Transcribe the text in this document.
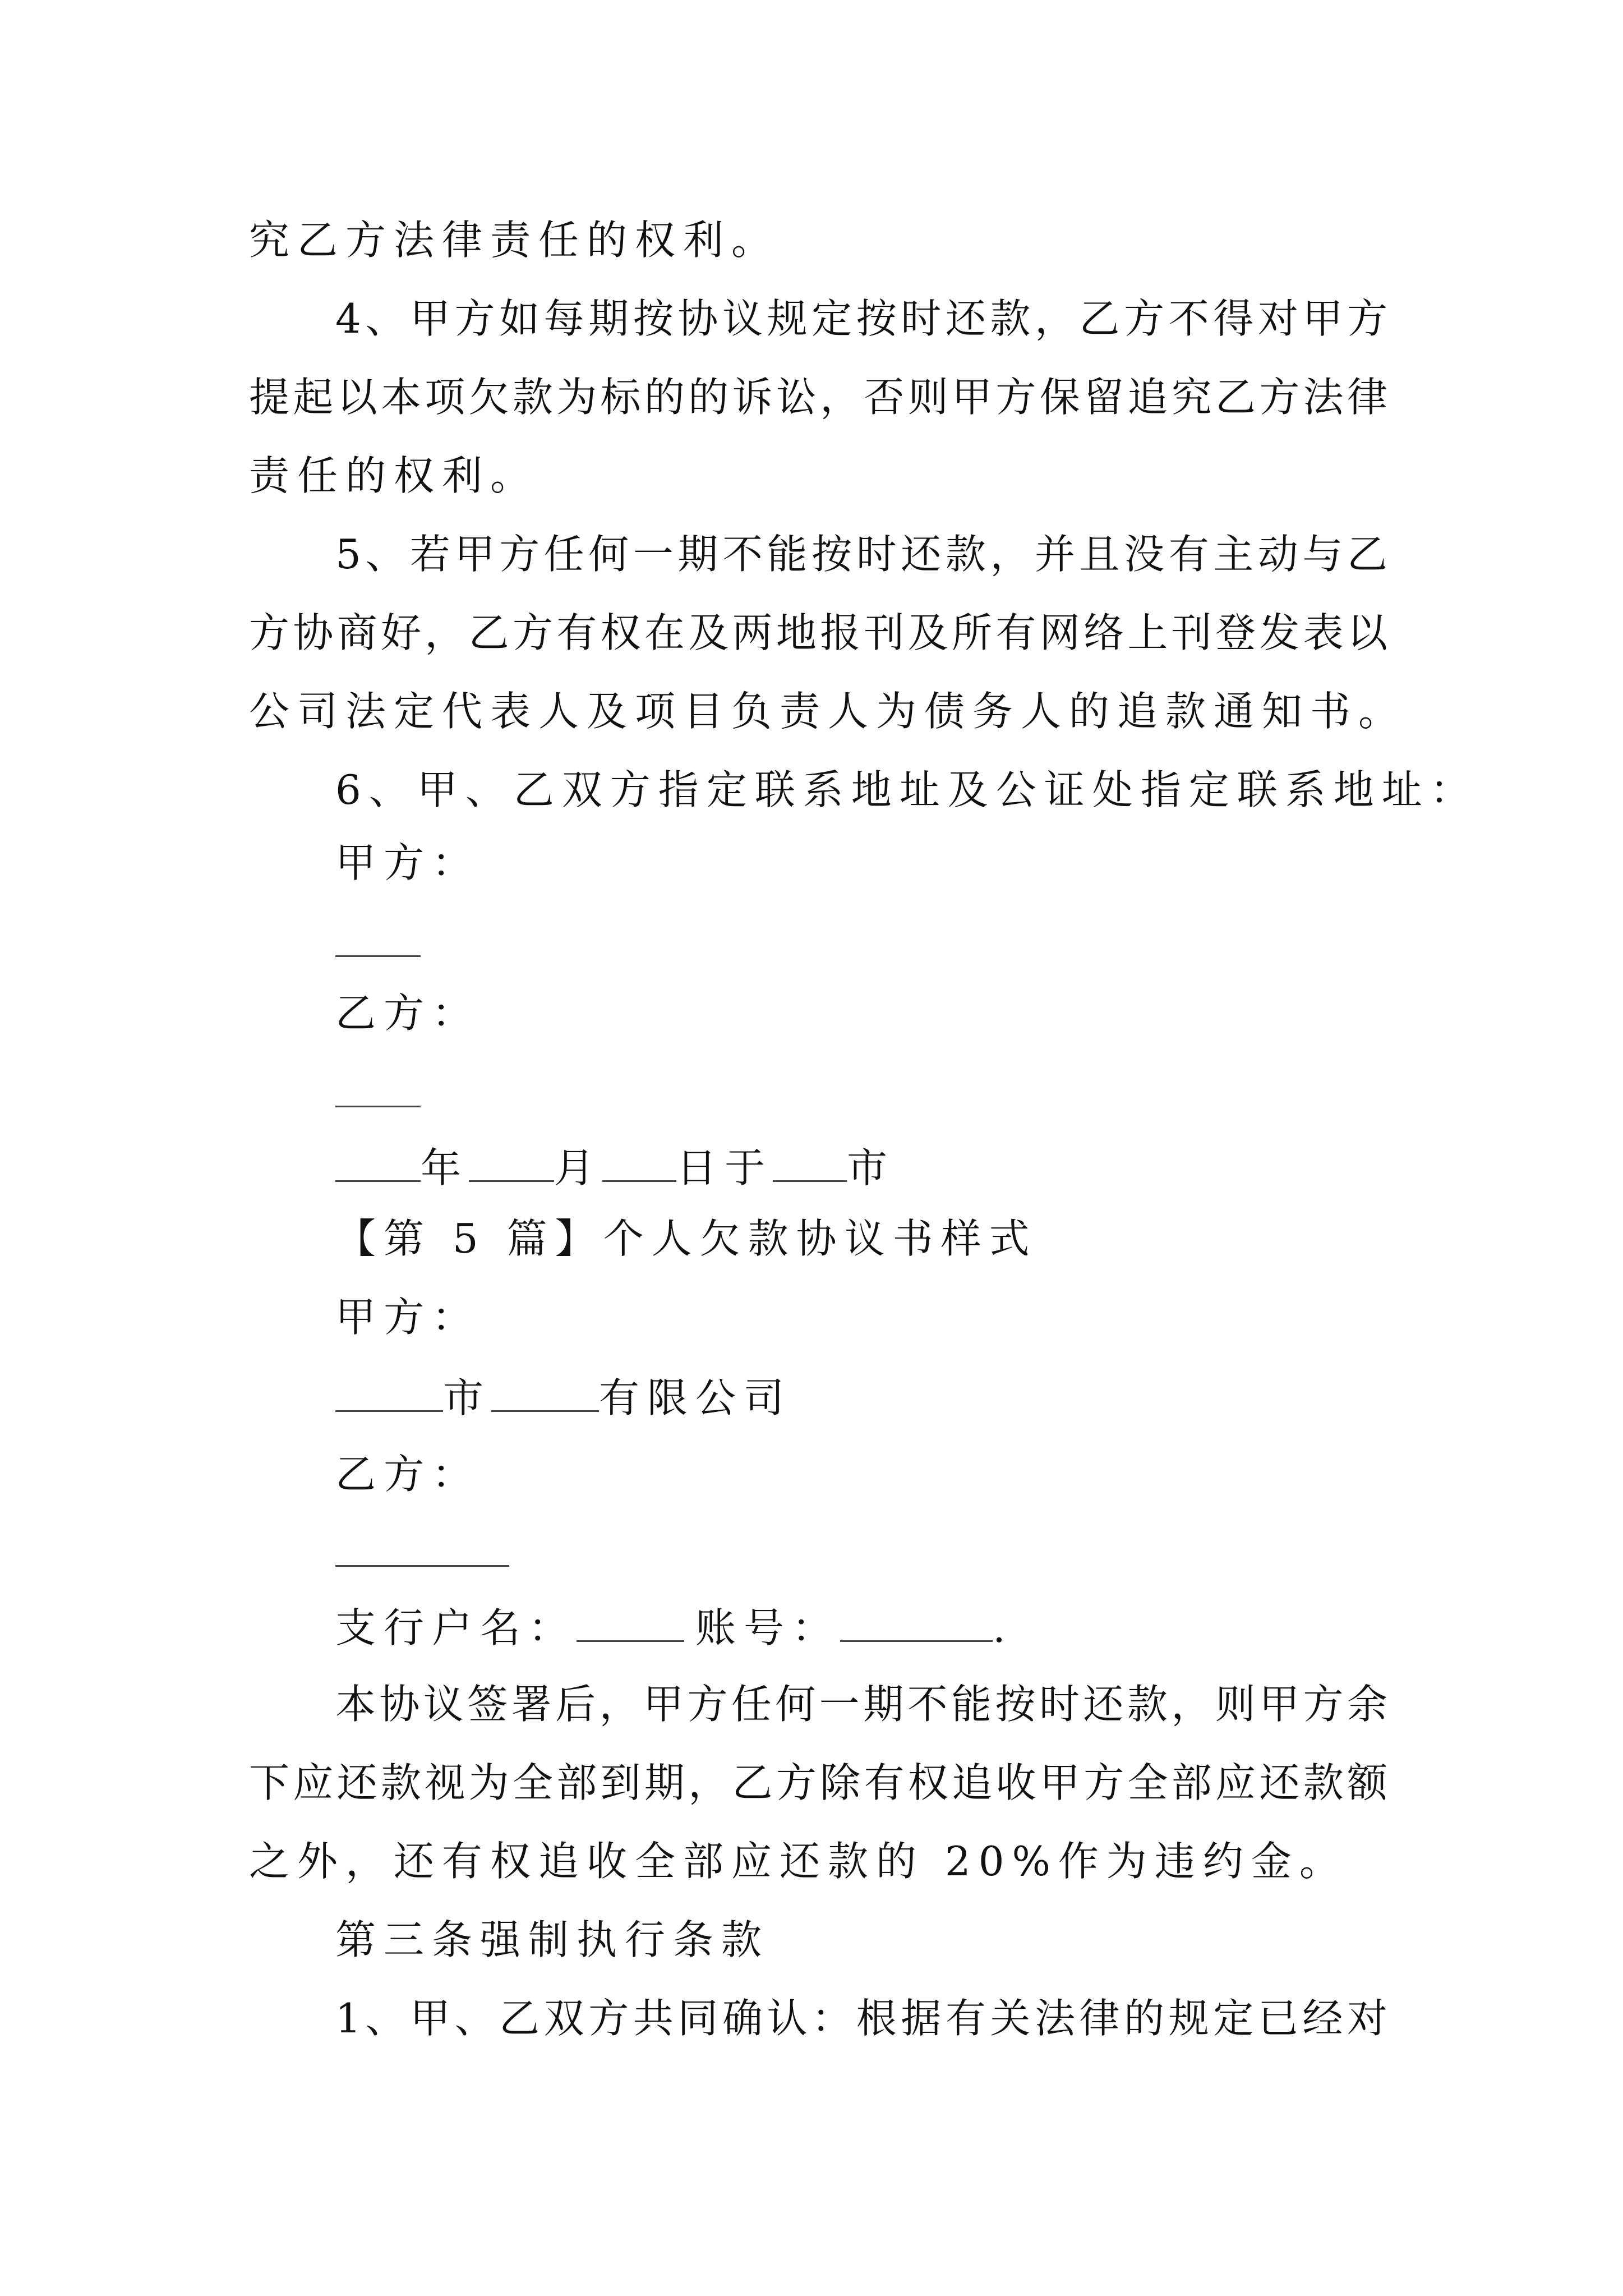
究乙方法律责任的权利。
4、甲方如每期按协议规定按时还款，乙方不得对甲方
提起以本项欠款为标的的诉讼，否则甲方保留追究乙方法律
责任的权利。
5、若甲方任何一期不能按时还款，并且没有主动与乙
方协商好，乙方有权在及两地报刊及所有网络上刊登发表以
公司法定代表人及项目负责人为债务人的追款通知书。
6、甲、乙双方指定联系地址及公证处指定联系地址：
甲方：
乙方：
年 月 日于 市
【第 5 篇】个人欠款协议书样式
甲方：
市	有限公司
乙方：
支行户名：	账号：	.
本协议签署后，甲方任何一期不能按时还款，则甲方余
下应还款视为全部到期，乙方除有权追收甲方全部应还款额
之外，还有权追收全部应还款的 20%作为违约金。
第三条强制执行条款
1、甲、乙双方共同确认：根据有关法律的规定已经对
